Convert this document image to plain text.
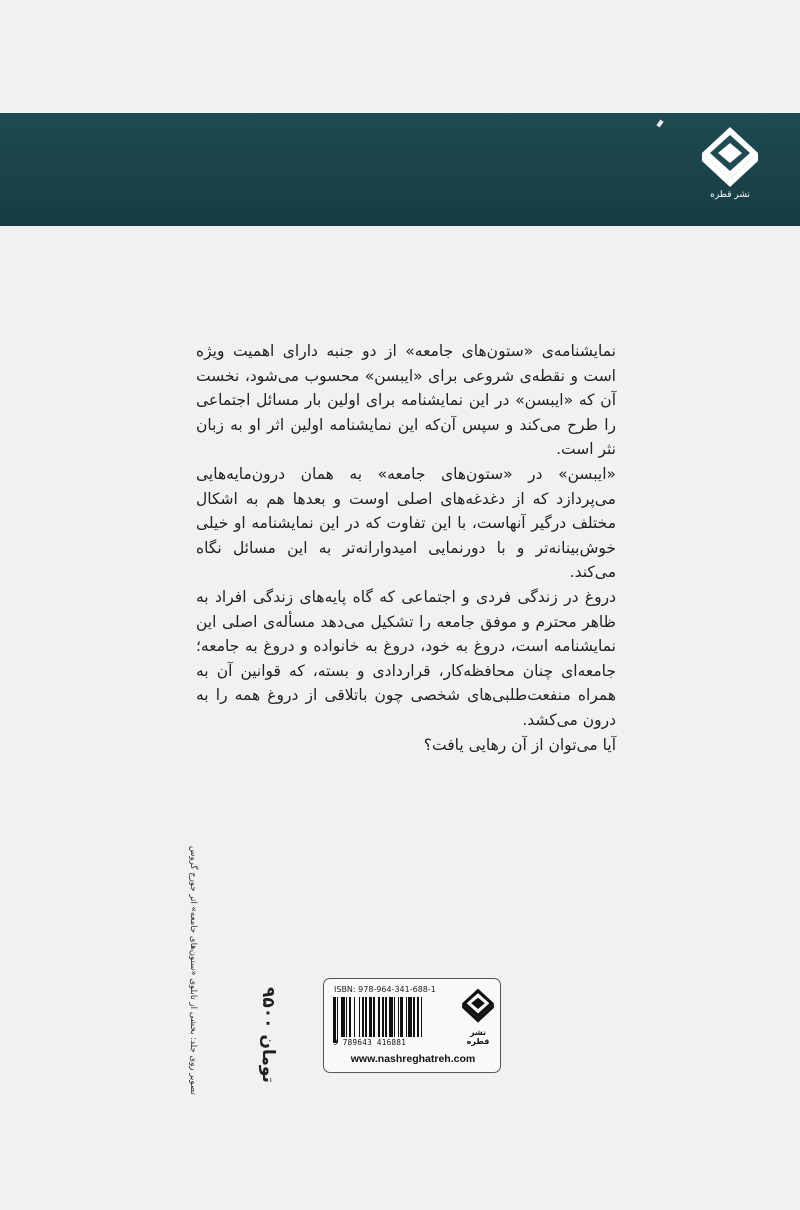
نشر قطره

نمایشنامه‌ی «ستون‌های جامعه» از دو جنبه دارای اهمیت ویژه است و نقطه‌ی شروعی برای «ایبسن» محسوب می‌شود، نخست آن که «ایبسن» در این نمایشنامه برای اولین بار مسائل اجتماعی را طرح می‌کند و سپس آن‌که این نمایشنامه اولین اثر او به زبان نثر است.

«ایبسن» در «ستون‌های جامعه» به همان درون‌مایه‌هایی می‌پردازد که از دغدغه‌های اصلی اوست و بعدها هم به اشکال مختلف درگیر آنهاست، با این تفاوت که در این نمایشنامه او خیلی خوش‌بینانه‌تر و با دورنمایی امیدوارانه‌تر به این مسائل نگاه می‌کند.

دروغ در زندگی فردی و اجتماعی که گاه پایه‌های زندگی افراد به ظاهر محترم و موفق جامعه را تشکیل می‌دهد مسأله‌ی اصلی این نمایشنامه است، دروغ به خود، دروغ به خانواده و دروغ به جامعه؛ جامعه‌ای چنان محافظه‌کار، قراردادی و بسته، که قوانین آن به همراه منفعت‌طلبی‌های شخصی چون باتلاقی از دروغ همه را به درون می‌کشد.

آیا می‌توان از آن رهایی یافت؟

تصویر روی جلد: بخشی از تابلوی «ستون‌های جامعه» اثر جورج گروس	۹۵۰۰ تومان
ISBN: 978-964-341-688-1
9 789643 416881
نشر قطره
www.nashreghatreh.com
